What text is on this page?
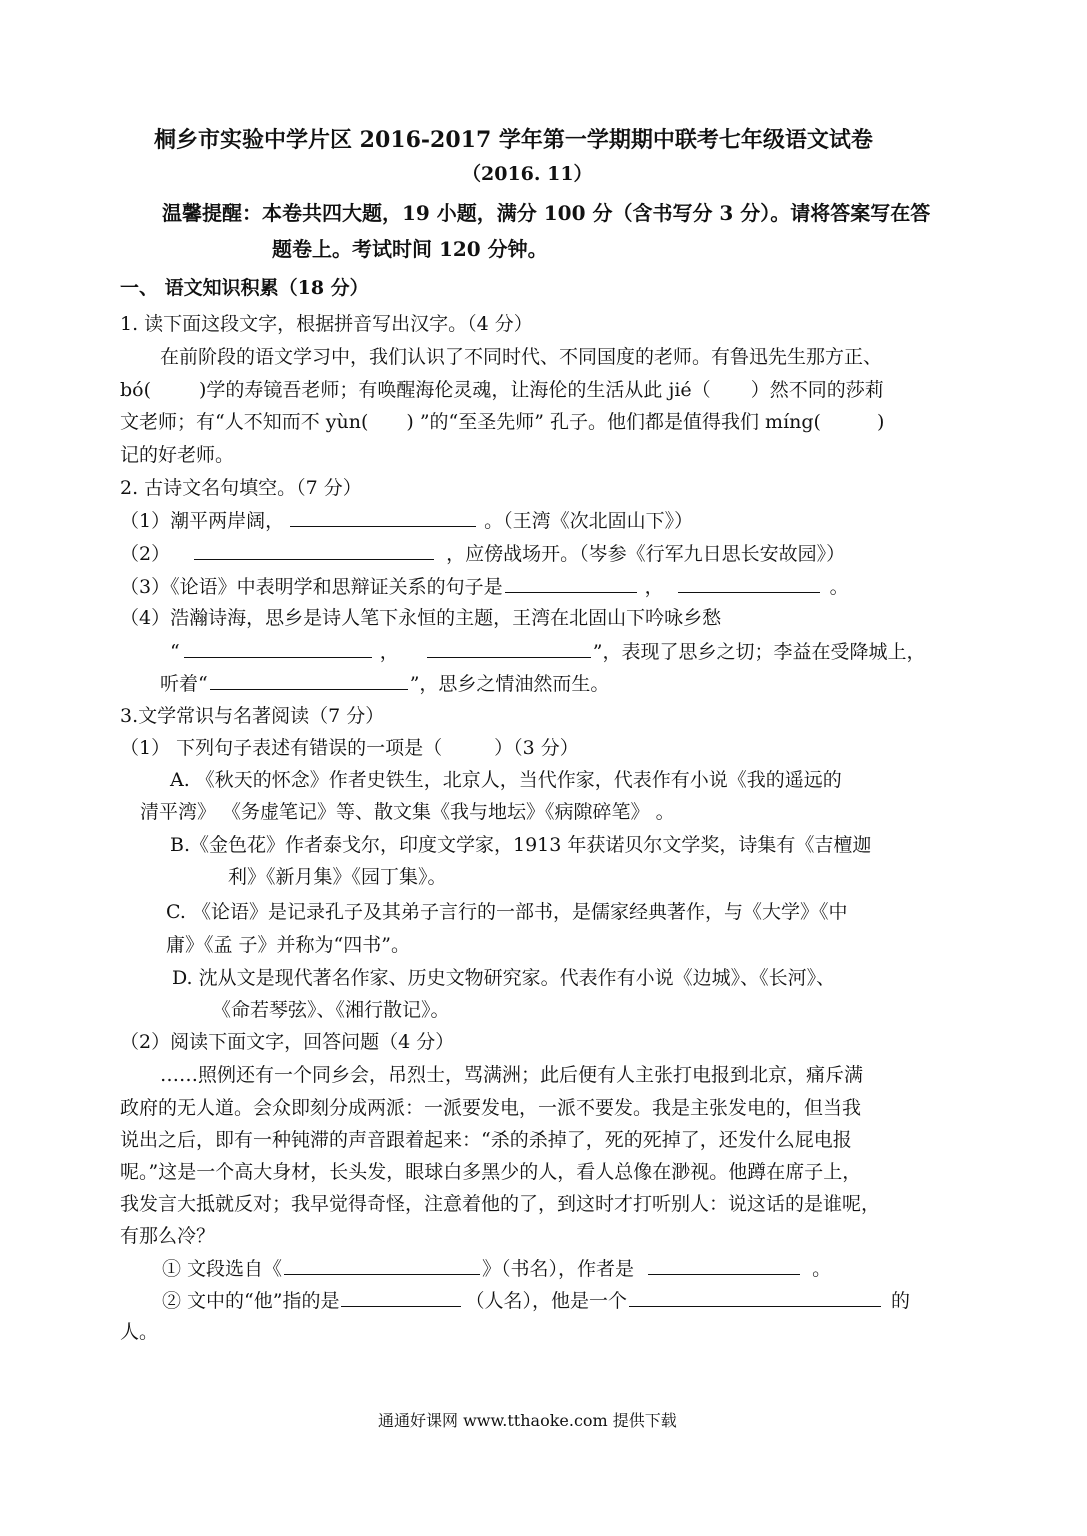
桐乡市实验中学片区 2016-2017 学年第一学期期中联考七年级语文试卷
（2016. 11）
温馨提醒：本卷共四大题，19 小题，满分 100 分（含书写分 3 分）。请将答案写在答
题卷上。考试时间 120 分钟。
一、 语文知识积累（18 分）
1. 读下面这段文字，根据拼音写出汉字。（4 分）
在前阶段的语文学习中，我们认识了不同时代、不同国度的老师。有鲁迅先生那方正、
bó(	)学的寿镜吾老师；有唤醒海伦灵魂，让海伦的生活从此 jié（ ）然不同的莎莉
文老师；有“人不知而不 yùn( ) ”的“至圣先师” 孔子。他们都是值得我们 míng(	)
记的好老师。
2. 古诗文名句填空。（7 分）
（1）潮平两岸阔，	。（王湾《次北固山下》）
（2）	，应傍战场开。（岑参《行军九日思长安故园》）
（3）《论语》中表明学和思辩证关系的句子是	，	。
（4）浩瀚诗海，思乡是诗人笔下永恒的主题，王湾在北固山下吟咏乡愁
“	，	”，表现了思乡之切；李益在受降城上，
听着“	”，思乡之情油然而生。
3.文学常识与名著阅读（7 分）
（1） 下列句子表述有错误的一项是（	）（3 分）
A. 《秋天的怀念》作者史铁生，北京人，当代作家，代表作有小说《我的遥远的
清平湾》 《务虚笔记》等、散文集《我与地坛》《病隙碎笔》 。
B.《金色花》作者泰戈尔，印度文学家，1913 年获诺贝尔文学奖，诗集有《吉檀迦
利》《新月集》《园丁集》。
C. 《论语》是记录孔子及其弟子言行的一部书，是儒家经典著作，与《大学》《中
庸》《孟 子》并称为“四书”。
D. 沈从文是现代著名作家、历史文物研究家。代表作有小说《边城》、《长河》、
《命若琴弦》、《湘行散记》。
（2）阅读下面文字，回答问题（4 分）
……照例还有一个同乡会，吊烈士，骂满洲；此后便有人主张打电报到北京，痛斥满
政府的无人道。会众即刻分成两派：一派要发电，一派不要发。我是主张发电的，但当我
说出之后，即有一种钝滞的声音跟着起来：“杀的杀掉了，死的死掉了，还发什么屁电报
呢。”这是一个高大身材，长头发，眼球白多黑少的人，看人总像在渺视。他蹲在席子上，
我发言大抵就反对；我早觉得奇怪，注意着他的了，到这时才打听别人：说这话的是谁呢，
有那么冷？
① 文段选自《	》（书名），作者是	。
② 文中的“他”指的是	（人名），他是一个	的
人。
通通好课网 www.tthaoke.com 提供下载
